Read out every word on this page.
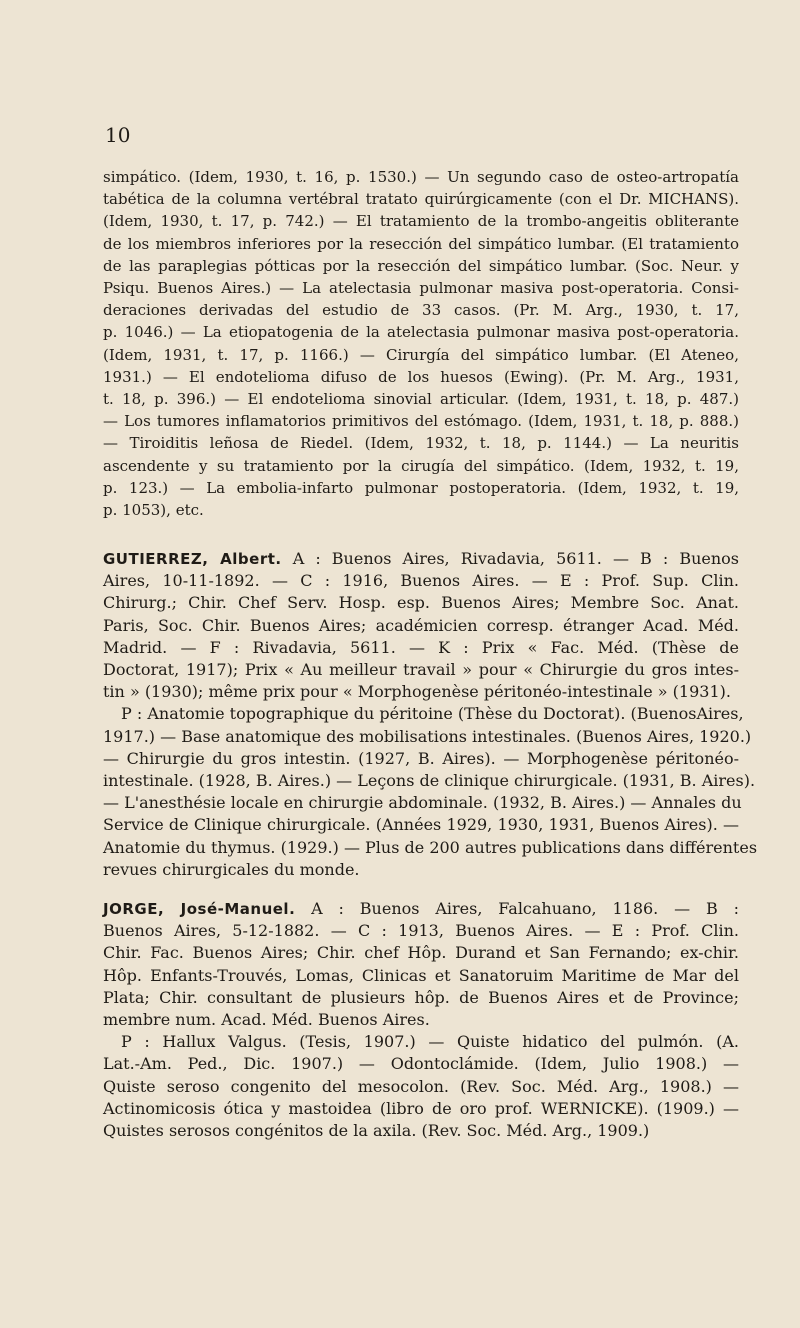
10
simpático. (Idem, 1930, t. 16, p. 1530.) — Un segundo caso de osteo-artropatía
tabética de la columna vertébral tratato quirúrgicamente (con el Dr. MICHANS).
(Idem, 1930, t. 17, p. 742.) — El tratamiento de la trombo-angeitis obliterante
de los miembros inferiores por la resección del simpático lumbar. (El tratamiento
de las paraplegias pótticas por la resección del simpático lumbar. (Soc. Neur. y
Psiqu. Buenos Aires.) — La atelectasia pulmonar masiva post-operatoria. Consi-
deraciones derivadas del estudio de 33 casos. (Pr. M. Arg., 1930, t. 17,
p. 1046.) — La etiopatogenia de la atelectasia pulmonar masiva post-operatoria.
(Idem, 1931, t. 17, p. 1166.) — Cirurgía del simpático lumbar. (El Ateneo,
1931.) — El endotelioma difuso de los huesos (Ewing). (Pr. M. Arg., 1931,
t. 18, p. 396.) — El endotelioma sinovial articular. (Idem, 1931, t. 18, p. 487.)
— Los tumores inflamatorios primitivos del estómago. (Idem, 1931, t. 18, p. 888.)
— Tiroiditis leñosa de Riedel. (Idem, 1932, t. 18, p. 1144.) — La neuritis
ascendente y su tratamiento por la cirugía del simpático. (Idem, 1932, t. 19,
p. 123.) — La embolia-infarto pulmonar postoperatoria. (Idem, 1932, t. 19,
p. 1053), etc.
GUTIERREZ, Albert. A : Buenos Aires, Rivadavia, 5611. — B : Buenos
Aires, 10-11-1892. — C : 1916, Buenos Aires. — E : Prof. Sup. Clin.
Chirurg.; Chir. Chef Serv. Hosp. esp. Buenos Aires; Membre Soc. Anat.
Paris, Soc. Chir. Buenos Aires; académicien corresp. étranger Acad. Méd.
Madrid. — F : Rivadavia, 5611. — K : Prix « Fac. Méd. (Thèse de
Doctorat, 1917); Prix « Au meilleur travail » pour « Chirurgie du gros intes-
tin » (1930); même prix pour « Morphogenèse péritonéo-intestinale » (1931).
P : Anatomie topographique du péritoine (Thèse du Doctorat). (BuenosAires,
1917.) — Base anatomique des mobilisations intestinales. (Buenos Aires, 1920.)
— Chirurgie du gros intestin. (1927, B. Aires). — Morphogenèse péritonéo-
intestinale. (1928, B. Aires.) — Leçons de clinique chirurgicale. (1931, B. Aires).
— L'anesthésie locale en chirurgie abdominale. (1932, B. Aires.) — Annales du
Service de Clinique chirurgicale. (Années 1929, 1930, 1931, Buenos Aires). —
Anatomie du thymus. (1929.) — Plus de 200 autres publications dans différentes
revues chirurgicales du monde.
JORGE, José-Manuel. A : Buenos Aires, Falcahuano, 1186. — B :
Buenos Aires, 5-12-1882. — C : 1913, Buenos Aires. — E : Prof. Clin.
Chir. Fac. Buenos Aires; Chir. chef Hôp. Durand et San Fernando; ex-chir.
Hôp. Enfants-Trouvés, Lomas, Clinicas et Sanatoruim Maritime de Mar del
Plata; Chir. consultant de plusieurs hôp. de Buenos Aires et de Province;
membre num. Acad. Méd. Buenos Aires.
P : Hallux Valgus. (Tesis, 1907.) — Quiste hidatico del pulmón. (A.
Lat.-Am. Ped., Dic. 1907.) — Odontoclámide. (Idem, Julio 1908.) —
Quiste seroso congenito del mesocolon. (Rev. Soc. Méd. Arg., 1908.) —
Actinomicosis ótica y mastoidea (libro de oro prof. WERNICKE). (1909.) —
Quistes serosos congénitos de la axila. (Rev. Soc. Méd. Arg., 1909.)
